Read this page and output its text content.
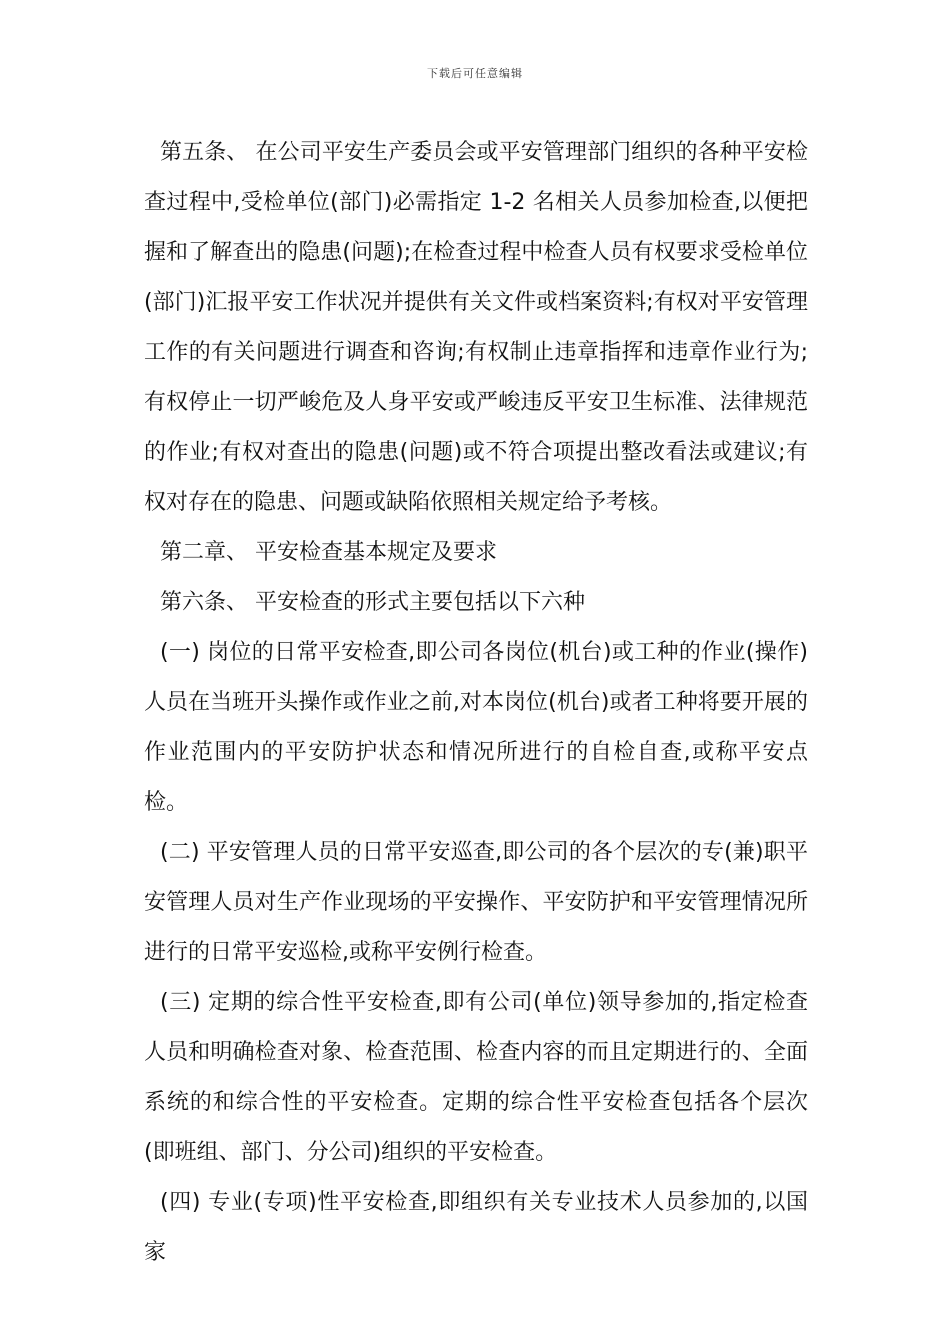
下载后可任意编辑

第五条、 在公司平安生产委员会或平安管理部门组织的各种平安检查过程中,受检单位(部门)必需指定 1-2 名相关人员参加检查,以便把握和了解查出的隐患(问题);在检查过程中检查人员有权要求受检单位(部门)汇报平安工作状况并提供有关文件或档案资料;有权对平安管理工作的有关问题进行调查和咨询;有权制止违章指挥和违章作业行为;有权停止一切严峻危及人身平安或严峻违反平安卫生标准、法律规范的作业;有权对查出的隐患(问题)或不符合项提出整改看法或建议;有权对存在的隐患、问题或缺陷依照相关规定给予考核。

第二章、 平安检查基本规定及要求

第六条、 平安检查的形式主要包括以下六种

(一) 岗位的日常平安检查,即公司各岗位(机台)或工种的作业(操作)人员在当班开头操作或作业之前,对本岗位(机台)或者工种将要开展的作业范围内的平安防护状态和情况所进行的自检自查,或称平安点检。

(二) 平安管理人员的日常平安巡查,即公司的各个层次的专(兼)职平安管理人员对生产作业现场的平安操作、平安防护和平安管理情况所进行的日常平安巡检,或称平安例行检查。

(三) 定期的综合性平安检查,即有公司(单位)领导参加的,指定检查人员和明确检查对象、检查范围、检查内容的而且定期进行的、全面系统的和综合性的平安检查。定期的综合性平安检查包括各个层次(即班组、部门、分公司)组织的平安检查。

(四) 专业(专项)性平安检查,即组织有关专业技术人员参加的,以国家
